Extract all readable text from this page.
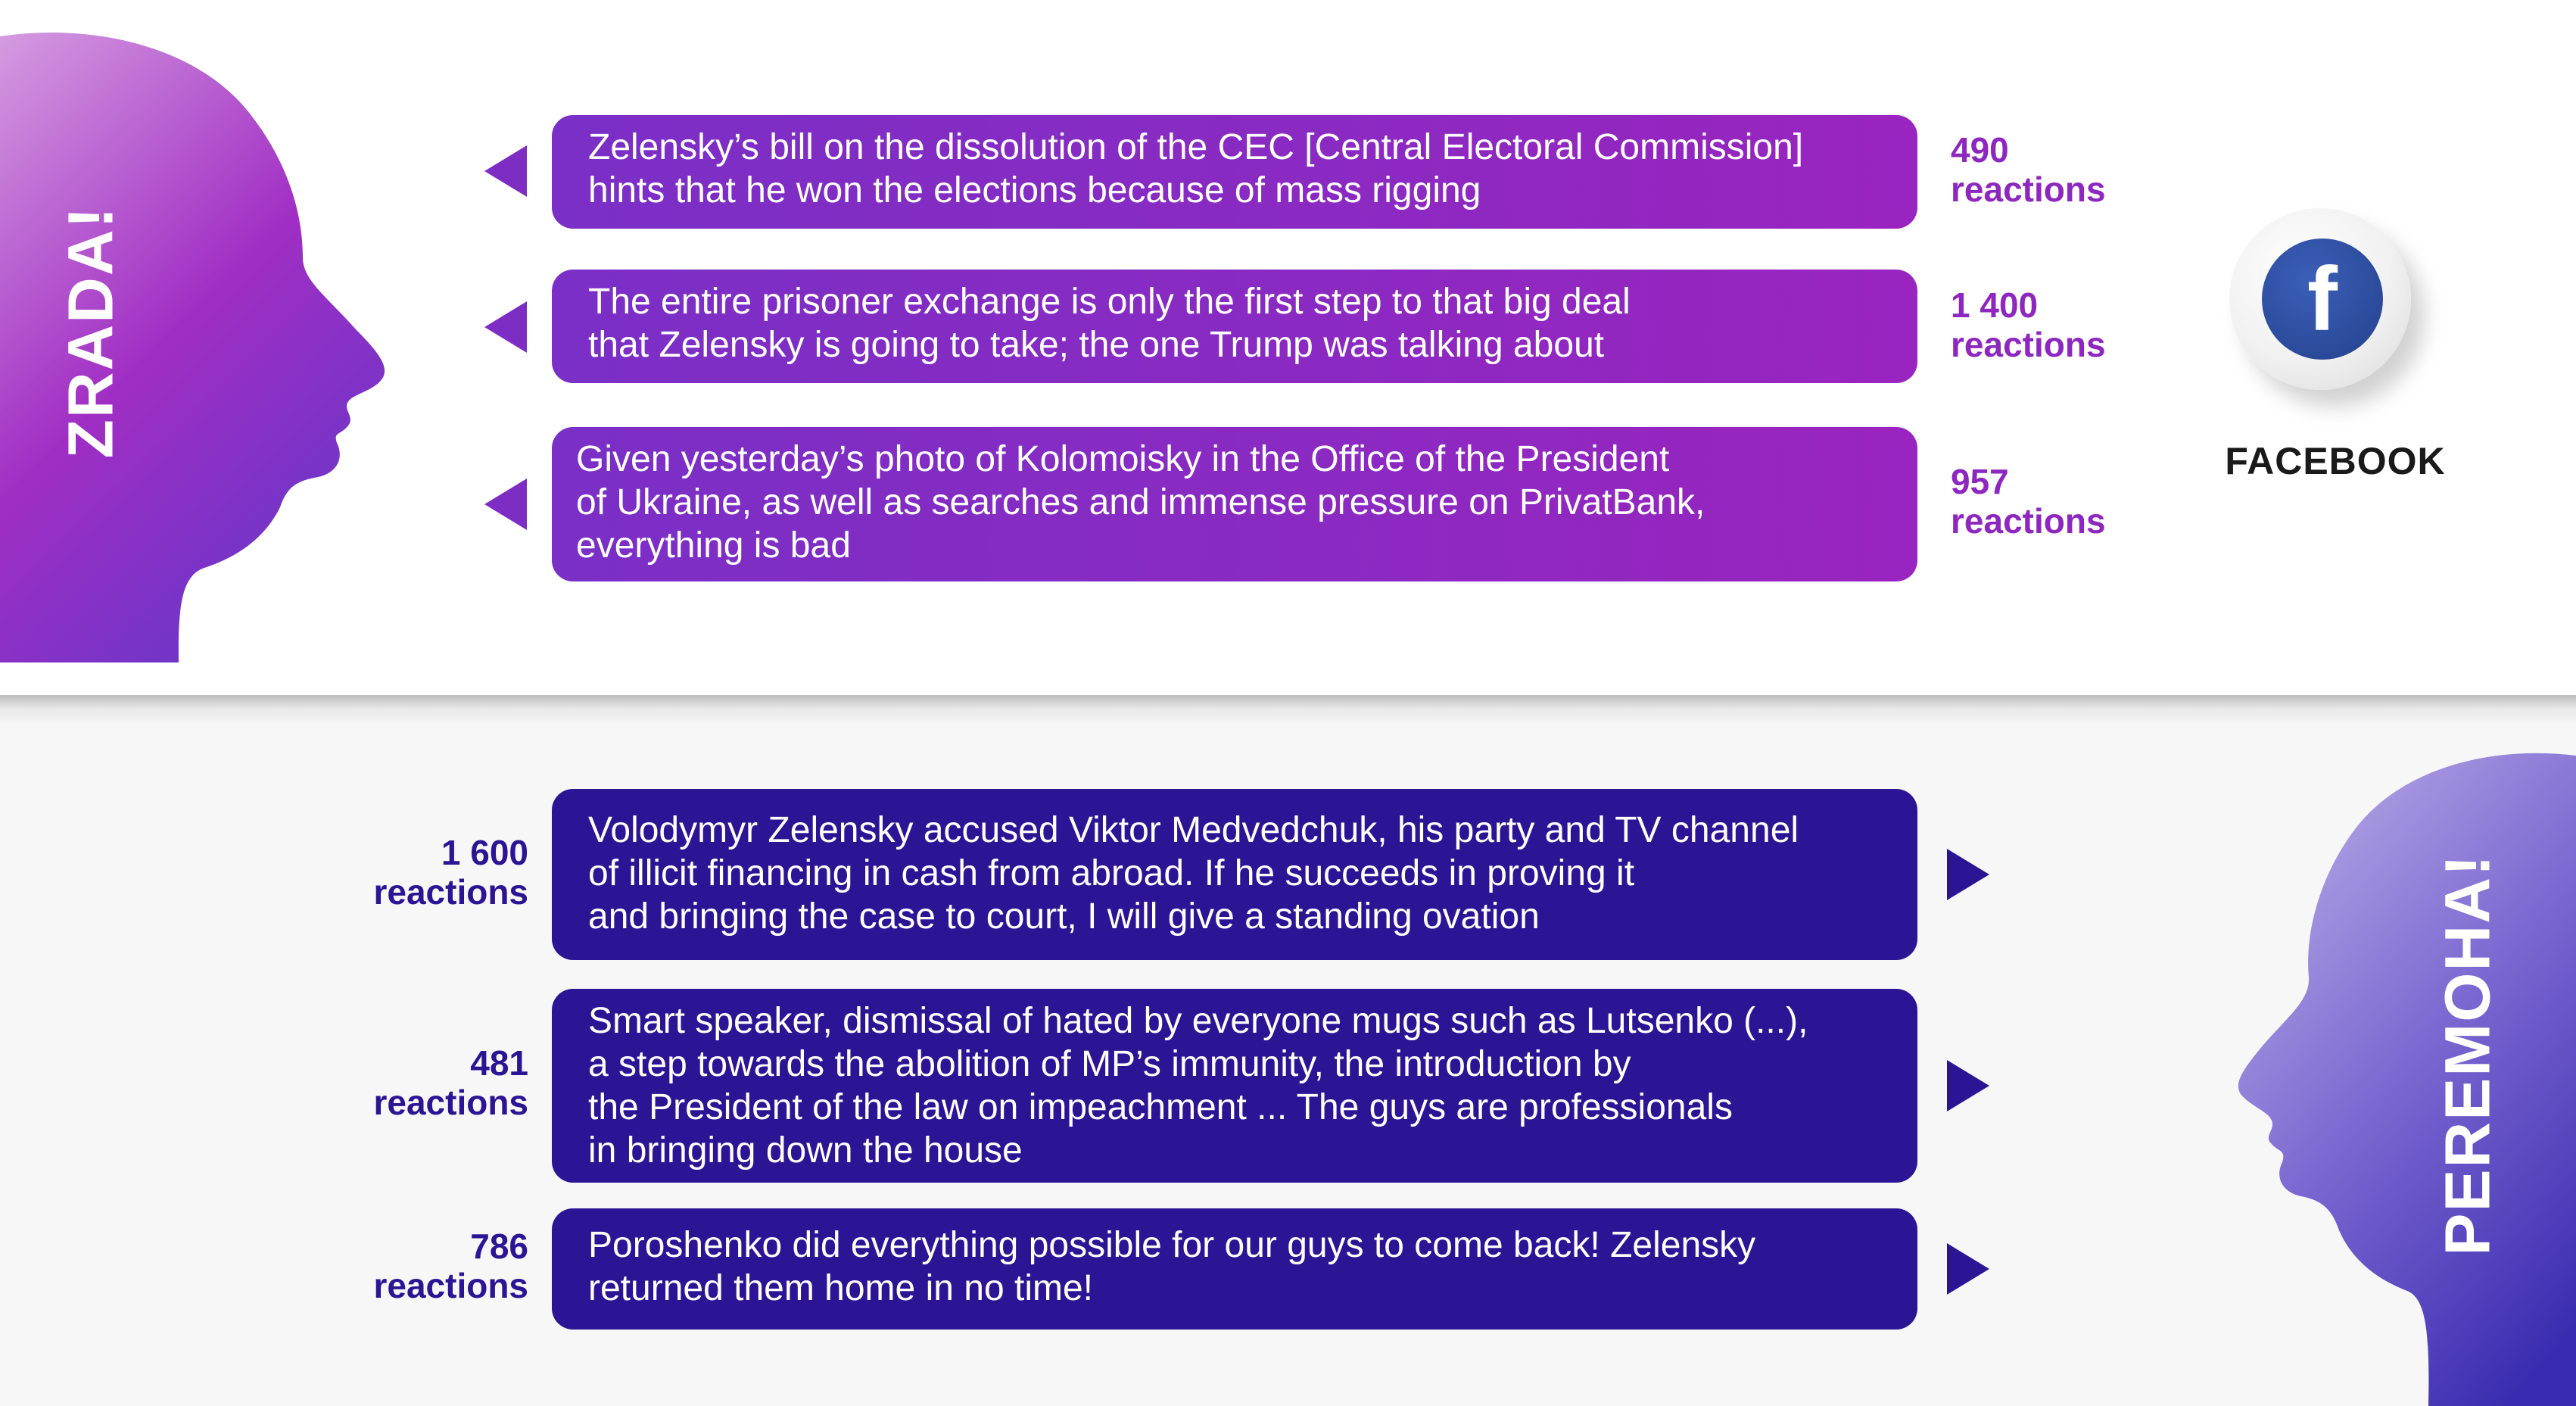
ZRADA!
PEREMOHA!
Zelensky’s bill on the dissolution of the CEC [Central Electoral Commission]
hints that he won the elections because of mass rigging
490
reactions
The entire prisoner exchange is only the first step to that big deal
that Zelensky is going to take; the one Trump was talking about
1 400
reactions
Given yesterday’s photo of Kolomoisky in the Office of the President
of Ukraine, as well as searches and immense pressure on PrivatBank,
everything is bad
957
reactions
f
FACEBOOK
1 600
reactions
Volodymyr Zelensky accused Viktor Medvedchuk, his party and TV channel
of illicit financing in cash from abroad. If he succeeds in proving it
and bringing the case to court, I will give a standing ovation
481
reactions
Smart speaker, dismissal of hated by everyone mugs such as Lutsenko (...),
a step towards the abolition of MP’s immunity, the introduction by
the President of the law on impeachment ... The guys are professionals
in bringing down the house
786
reactions
Poroshenko did everything possible for our guys to come back! Zelensky
returned them home in no time!
